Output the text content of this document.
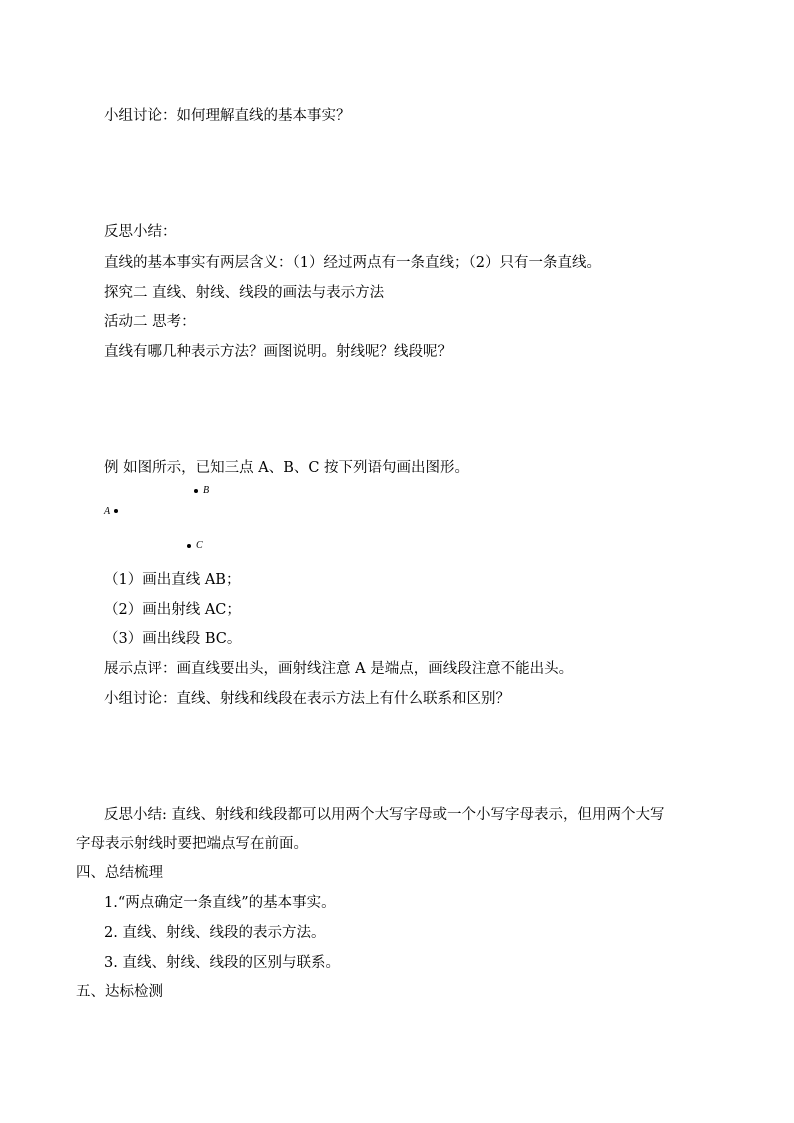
小组讨论：如何理解直线的基本事实？
反思小结：
直线的基本事实有两层含义：（1）经过两点有一条直线；（2）只有一条直线。
探究二 直线、射线、线段的画法与表示方法
活动二 思考：
直线有哪几种表示方法？画图说明。射线呢？线段呢？
例 如图所示，已知三点 A、B、C 按下列语句画出图形。
B
A
C
（1）画出直线 AB；
（2）画出射线 AC；
（3）画出线段 BC。
展示点评：画直线要出头，画射线注意 A 是端点，画线段注意不能出头。
小组讨论：直线、射线和线段在表示方法上有什么联系和区别？
反思小结: 直线、射线和线段都可以用两个大写字母或一个小写字母表示，但用两个大写
字母表示射线时要把端点写在前面。
四、总结梳理
1.“两点确定一条直线”的基本事实。
2. 直线、射线、线段的表示方法。
3. 直线、射线、线段的区别与联系。
五、达标检测
